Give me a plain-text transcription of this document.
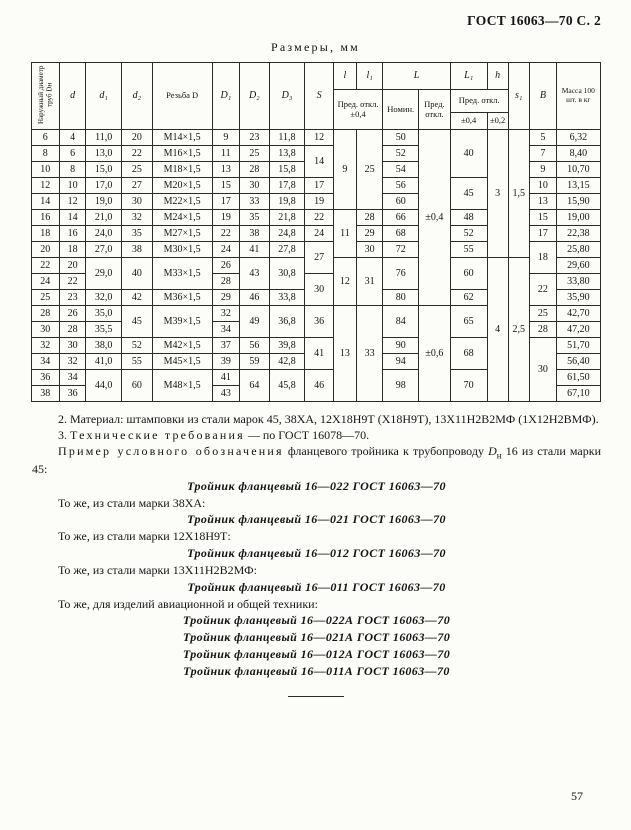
ГОСТ 16063—70 С. 2
Размеры, мм
Наружный диаметр труб Dн	d	d₁	d₂	Резьба D	D₁	D₂	D₃	S	l	l₁	L		L₁	h	s₁	B	Масса 100 шт. в кг
									Пред. откл. ±0,4		Номин.	Пред. откл.	Пред. откл.				
													±0,4	±0,2			
6	4	11,0	20	М14×1,5	9	23	11,8	12	9	25	50	±0,4	40	3	1,5	5	6,32
8	6	13,0	22	М16×1,5	11	25	13,8	14			52					7	8,40
10	8	15,0	25	М18×1,5	13	28	15,8				54					9	10,70
12	10	17,0	27	М20×1,5	15	30	17,8	17			56		45			10	13,15
14	12	19,0	30	М22×1,5	17	33	19,8	19			60					13	15,90
16	14	21,0	32	М24×1,5	19	35	21,8	22	11	28	66		48			15	19,00
18	16	24,0	35	М27×1,5	22	38	24,8	24		29	68		52			17	22,38
20	18	27,0	38	М30×1,5	24	41	27,8	27		30	72		55			18	25,80
22	20	29,0	40	М33×1,5	26	43	30,8		12	31	76		60	4	2,5		29,60
24	22				28			30								22	33,80
25	23	32,0	42	М36×1,5	29	46	33,8				80		62				35,90
28	26	35,0	45	М39×1,5	32	49	36,8	36	13	33	84	±0,6	65			25	42,70
30	28	35,5			34											28	47,20
32	30	38,0	52	М42×1,5	37	56	39,8	41			90		68			30	51,70
34	32	41,0	55	М45×1,5	39	59	42,8				94						56,40
36	34	44,0	60	М48×1,5	41	64	45,8	46			98		70				61,50
38	36				43												67,10

2. Материал: штамповки из стали марок 45, 38ХА, 12Х18Н9Т (Х18Н9Т), 13Х11Н2В2МФ (1Х12Н2ВМФ).

3. Технические требования — по ГОСТ 16078—70.

Пример условного обозначения фланцевого тройника к трубопроводу $D_н$ 16 из стали марки 45:

Тройник фланцевый 16—022 ГОСТ 16063—70

То же, из стали марки 38ХА:

Тройник фланцевый 16—021 ГОСТ 16063—70

То же, из стали марки 12Х18Н9Т:

Тройник фланцевый 16—012 ГОСТ 16063—70

То же, из стали марки 13Х11Н2В2МФ:

Тройник фланцевый 16—011 ГОСТ 16063—70

То же, для изделий авиационной и общей техники:

Тройник фланцевый 16—022А ГОСТ 16063—70

Тройник фланцевый 16—021А ГОСТ 16063—70

Тройник фланцевый 16—012А ГОСТ 16063—70

Тройник фланцевый 16—011А ГОСТ 16063—70

57
